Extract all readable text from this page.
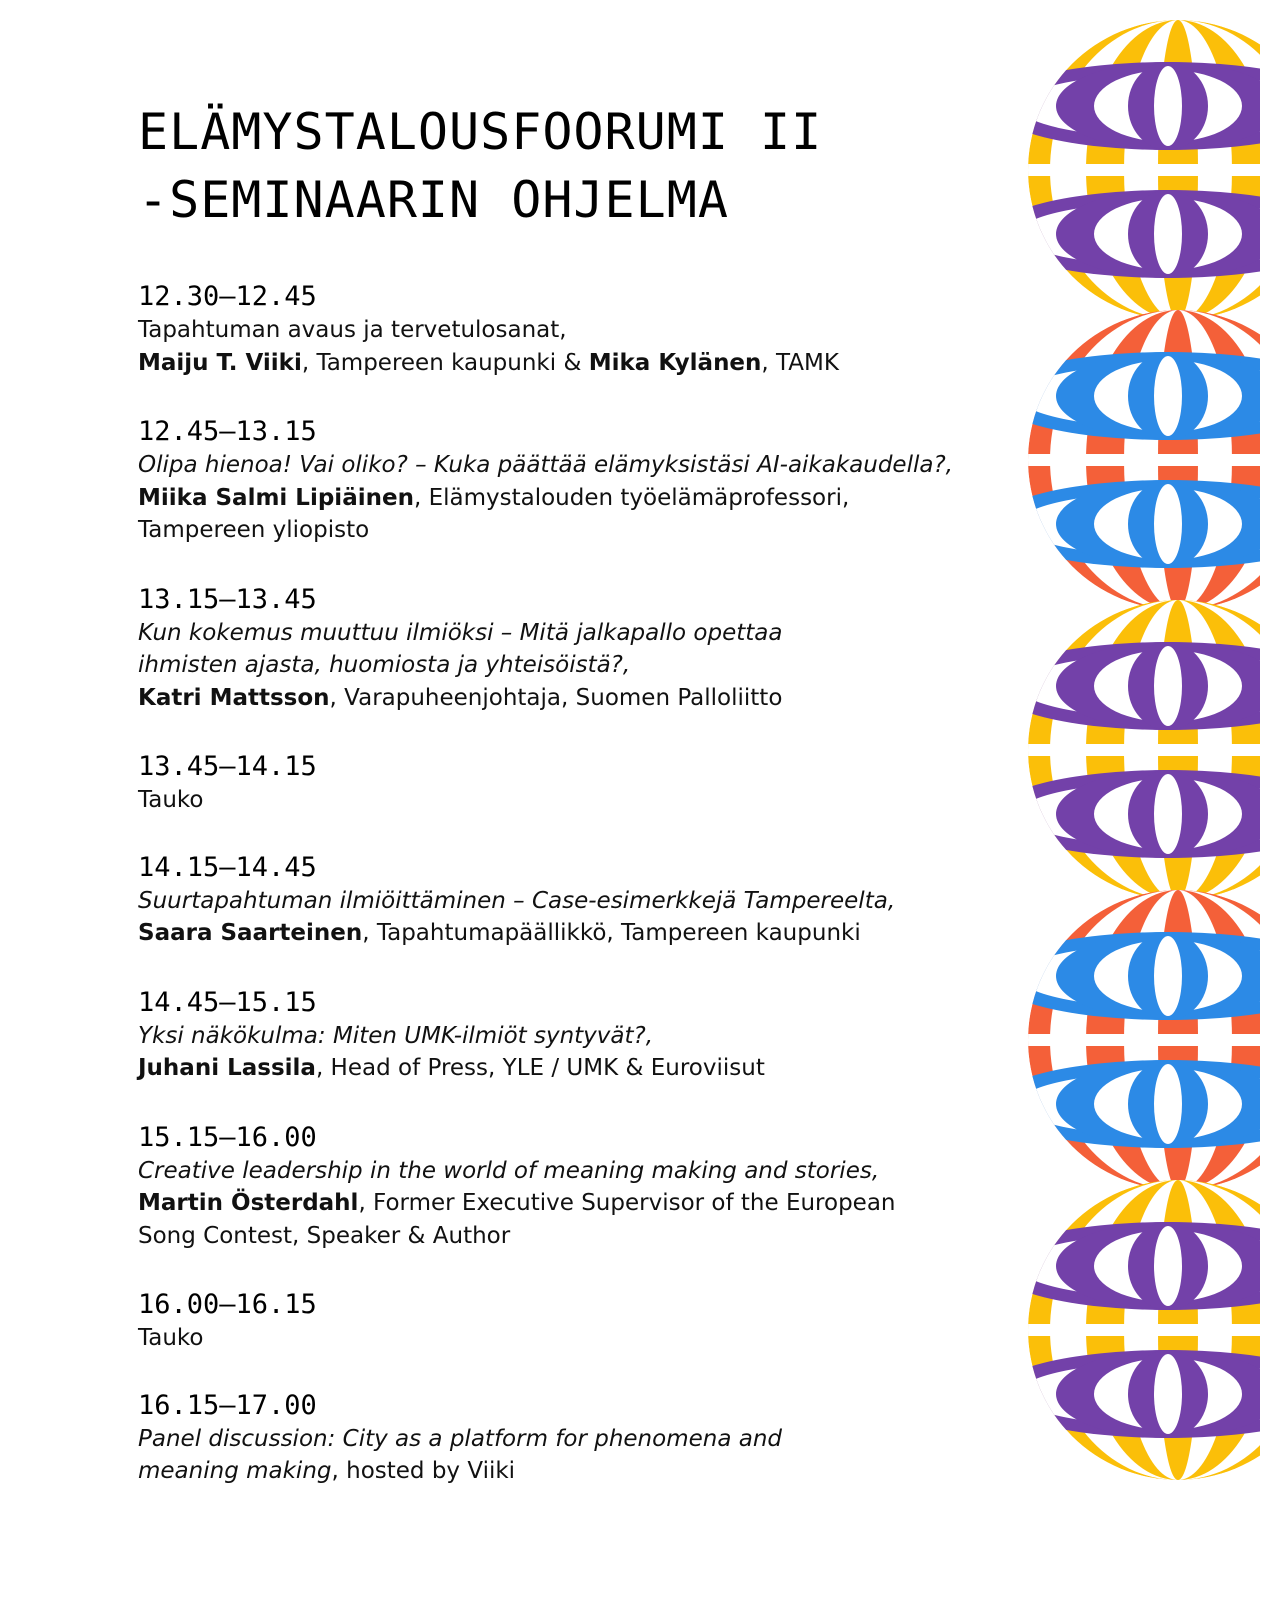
ELÄMYSTALOUSFOORUMI II
-SEMINAARIN OHJELMA
12.30–12.45
Tapahtuman avaus ja tervetulosanat,
Maiju T. Viiki, Tampereen kaupunki & Mika Kylänen, TAMK
12.45–13.15
Olipa hienoa! Vai oliko? – Kuka päättää elämyksistäsi AI-aikakaudella?,
Miika Salmi Lipiäinen, Elämystalouden työelämäprofessori,
Tampereen yliopisto
13.15–13.45
Kun kokemus muuttuu ilmiöksi – Mitä jalkapallo opettaa
ihmisten ajasta, huomiosta ja yhteisöistä?,
Katri Mattsson, Varapuheenjohtaja, Suomen Palloliitto
13.45–14.15
Tauko
14.15–14.45
Suurtapahtuman ilmiöittäminen – Case-esimerkkejä Tampereelta,
Saara Saarteinen, Tapahtumapäällikkö, Tampereen kaupunki
14.45–15.15
Yksi näkökulma: Miten UMK-ilmiöt syntyvät?,
Juhani Lassila, Head of Press, YLE / UMK & Euroviisut
15.15–16.00
Creative leadership in the world of meaning making and stories,
Martin Österdahl, Former Executive Supervisor of the European
Song Contest, Speaker & Author
16.00–16.15
Tauko
16.15–17.00
Panel discussion: City as a platform for phenomena and
meaning making, hosted by Viiki
